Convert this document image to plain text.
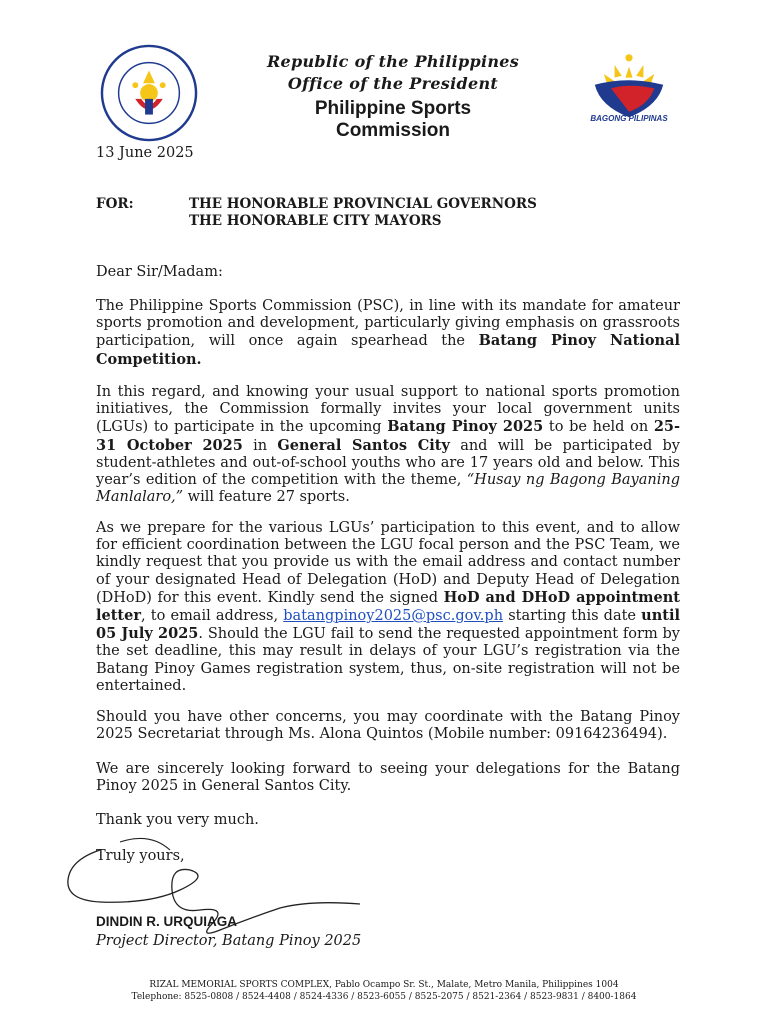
BAGONG PILIPINAS
Republic of the Philippines
Office of the President
Philippine Sports Commission
13 June 2025
FOR:	THE HONORABLE PROVINCIAL GOVERNORS
THE HONORABLE CITY MAYORS
Dear Sir/Madam:

The Philippine Sports Commission (PSC), in line with its mandate for amateur sports promotion and development, particularly giving emphasis on grassroots participation, will once again spearhead the Batang Pinoy National Competition.

In this regard, and knowing your usual support to national sports promotion initiatives, the Commission formally invites your local government units (LGUs) to participate in the upcoming Batang Pinoy 2025 to be held on 25-31 October 2025 in General Santos City and will be participated by student-athletes and out-of-school youths who are 17 years old and below. This year’s edition of the competition with the theme, “Husay ng Bagong Bayaning Manlalaro,” will feature 27 sports.

As we prepare for the various LGUs’ participation to this event, and to allow for efficient coordination between the LGU focal person and the PSC Team, we kindly request that you provide us with the email address and contact number of your designated Head of Delegation (HoD) and Deputy Head of Delegation (DHoD) for this event. Kindly send the signed HoD and DHoD appointment letter, to email address, batangpinoy2025@psc.gov.ph starting this date until 05 July 2025. Should the LGU fail to send the requested appointment form by the set deadline, this may result in delays of your LGU’s registration via the Batang Pinoy Games registration system, thus, on-site registration will not be entertained.

Should you have other concerns, you may coordinate with the Batang Pinoy 2025 Secretariat through Ms. Alona Quintos (Mobile number: 09164236494).

We are sincerely looking forward to seeing your delegations for the Batang Pinoy 2025 in General Santos City.

Thank you very much.
Truly yours,
DINDIN R. URQUIAGA
Project Director, Batang Pinoy 2025
RIZAL MEMORIAL SPORTS COMPLEX, Pablo Ocampo Sr. St., Malate, Metro Manila, Philippines 1004
Telephone: 8525-0808 / 8524-4408 / 8524-4336 / 8523-6055 / 8525-2075 / 8521-2364 / 8523-9831 / 8400-1864
